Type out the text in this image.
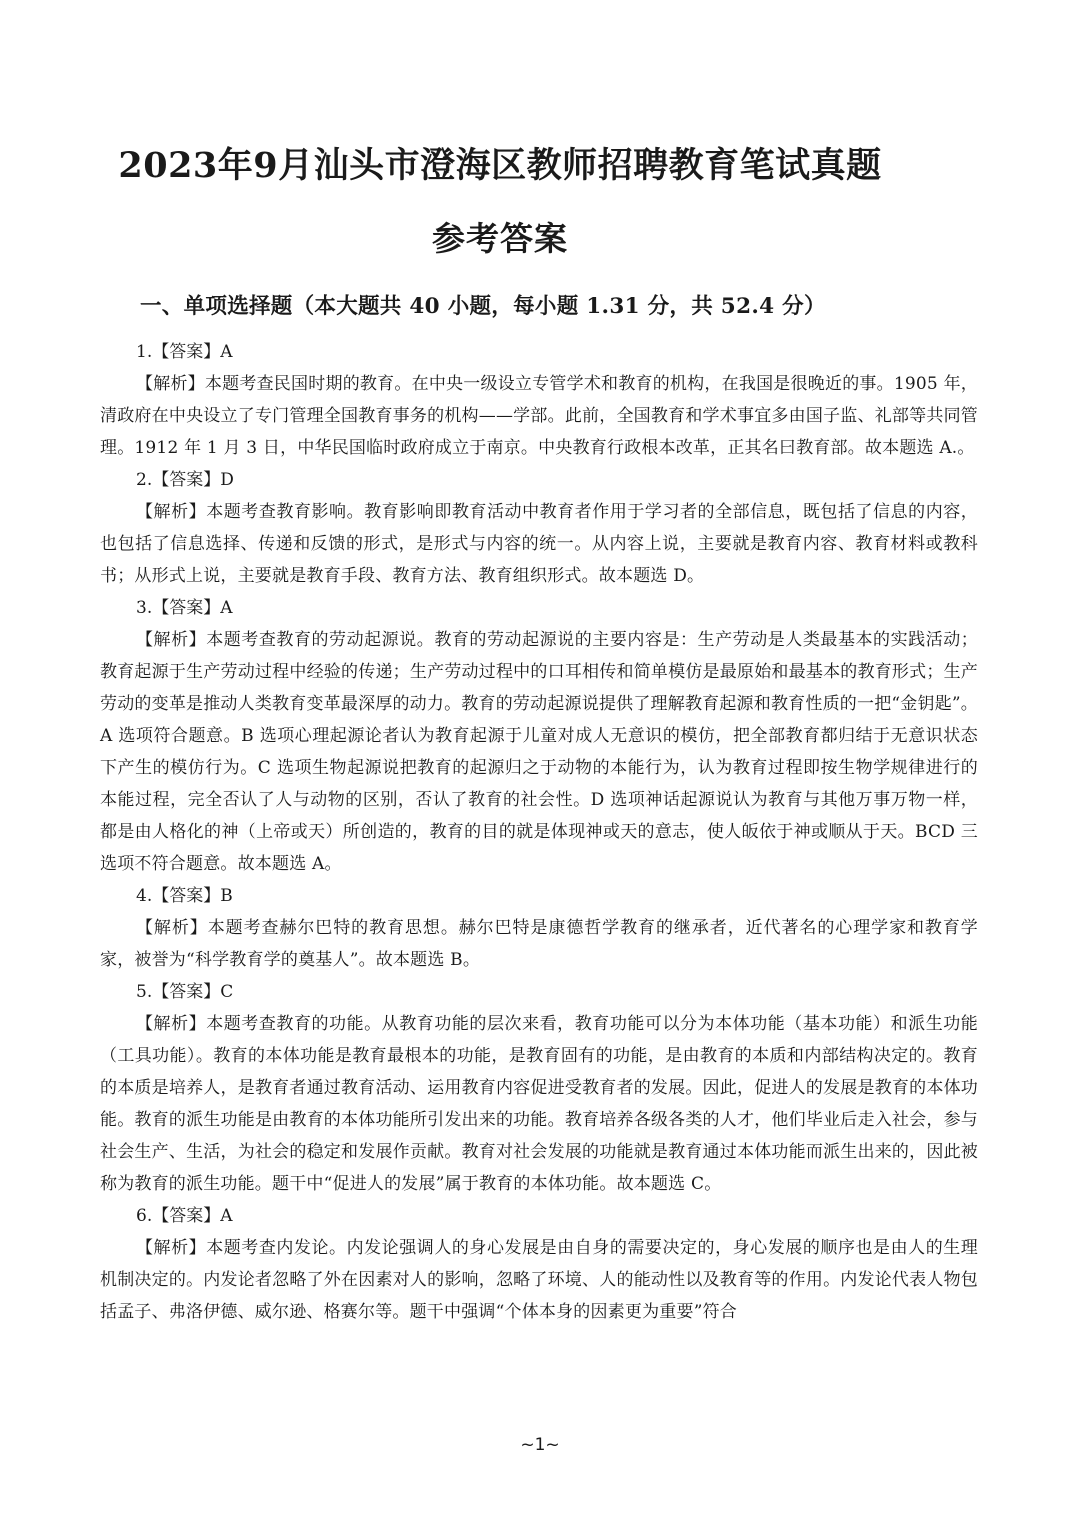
2023年9月汕头市澄海区教师招聘教育笔试真题
参考答案
一、单项选择题（本大题共 40 小题，每小题 1.31 分，共 52.4 分）

1.【答案】A

【解析】本题考查民国时期的教育。在中央一级设立专管学术和教育的机构，在我国是很晚近的事。1905 年，清政府在中央设立了专门管理全国教育事务的机构——学部。此前，全国教育和学术事宜多由国子监、礼部等共同管理。1912 年 1 月 3 日，中华民国临时政府成立于南京。中央教育行政根本改革，正其名曰教育部。故本题选 A.。

2.【答案】D

【解析】本题考查教育影响。教育影响即教育活动中教育者作用于学习者的全部信息，既包括了信息的内容，也包括了信息选择、传递和反馈的形式，是形式与内容的统一。从内容上说，主要就是教育内容、教育材料或教科书；从形式上说，主要就是教育手段、教育方法、教育组织形式。故本题选 D。

3.【答案】A

【解析】本题考查教育的劳动起源说。教育的劳动起源说的主要内容是：生产劳动是人类最基本的实践活动；教育起源于生产劳动过程中经验的传递；生产劳动过程中的口耳相传和简单模仿是最原始和最基本的教育形式；生产劳动的变革是推动人类教育变革最深厚的动力。教育的劳动起源说提供了理解教育起源和教育性质的一把“金钥匙”。A 选项符合题意。B 选项心理起源论者认为教育起源于儿童对成人无意识的模仿，把全部教育都归结于无意识状态下产生的模仿行为。C 选项生物起源说把教育的起源归之于动物的本能行为，认为教育过程即按生物学规律进行的本能过程，完全否认了人与动物的区别，否认了教育的社会性。D 选项神话起源说认为教育与其他万事万物一样，都是由人格化的神（上帝或天）所创造的，教育的目的就是体现神或天的意志，使人皈依于神或顺从于天。BCD 三选项不符合题意。故本题选 A。

4.【答案】B

【解析】本题考查赫尔巴特的教育思想。赫尔巴特是康德哲学教育的继承者，近代著名的心理学家和教育学家，被誉为“科学教育学的奠基人”。故本题选 B。

5.【答案】C

【解析】本题考查教育的功能。从教育功能的层次来看，教育功能可以分为本体功能（基本功能）和派生功能（工具功能）。教育的本体功能是教育最根本的功能，是教育固有的功能，是由教育的本质和内部结构决定的。教育的本质是培养人，是教育者通过教育活动、运用教育内容促进受教育者的发展。因此，促进人的发展是教育的本体功能。教育的派生功能是由教育的本体功能所引发出来的功能。教育培养各级各类的人才，他们毕业后走入社会，参与社会生产、生活，为社会的稳定和发展作贡献。教育对社会发展的功能就是教育通过本体功能而派生出来的，因此被称为教育的派生功能。题干中“促进人的发展”属于教育的本体功能。故本题选 C。

6.【答案】A

【解析】本题考查内发论。内发论强调人的身心发展是由自身的需要决定的，身心发展的顺序也是由人的生理机制决定的。内发论者忽略了外在因素对人的影响，忽略了环境、人的能动性以及教育等的作用。内发论代表人物包括孟子、弗洛伊德、威尔逊、格赛尔等。题干中强调“个体本身的因素更为重要”符合

~1~
